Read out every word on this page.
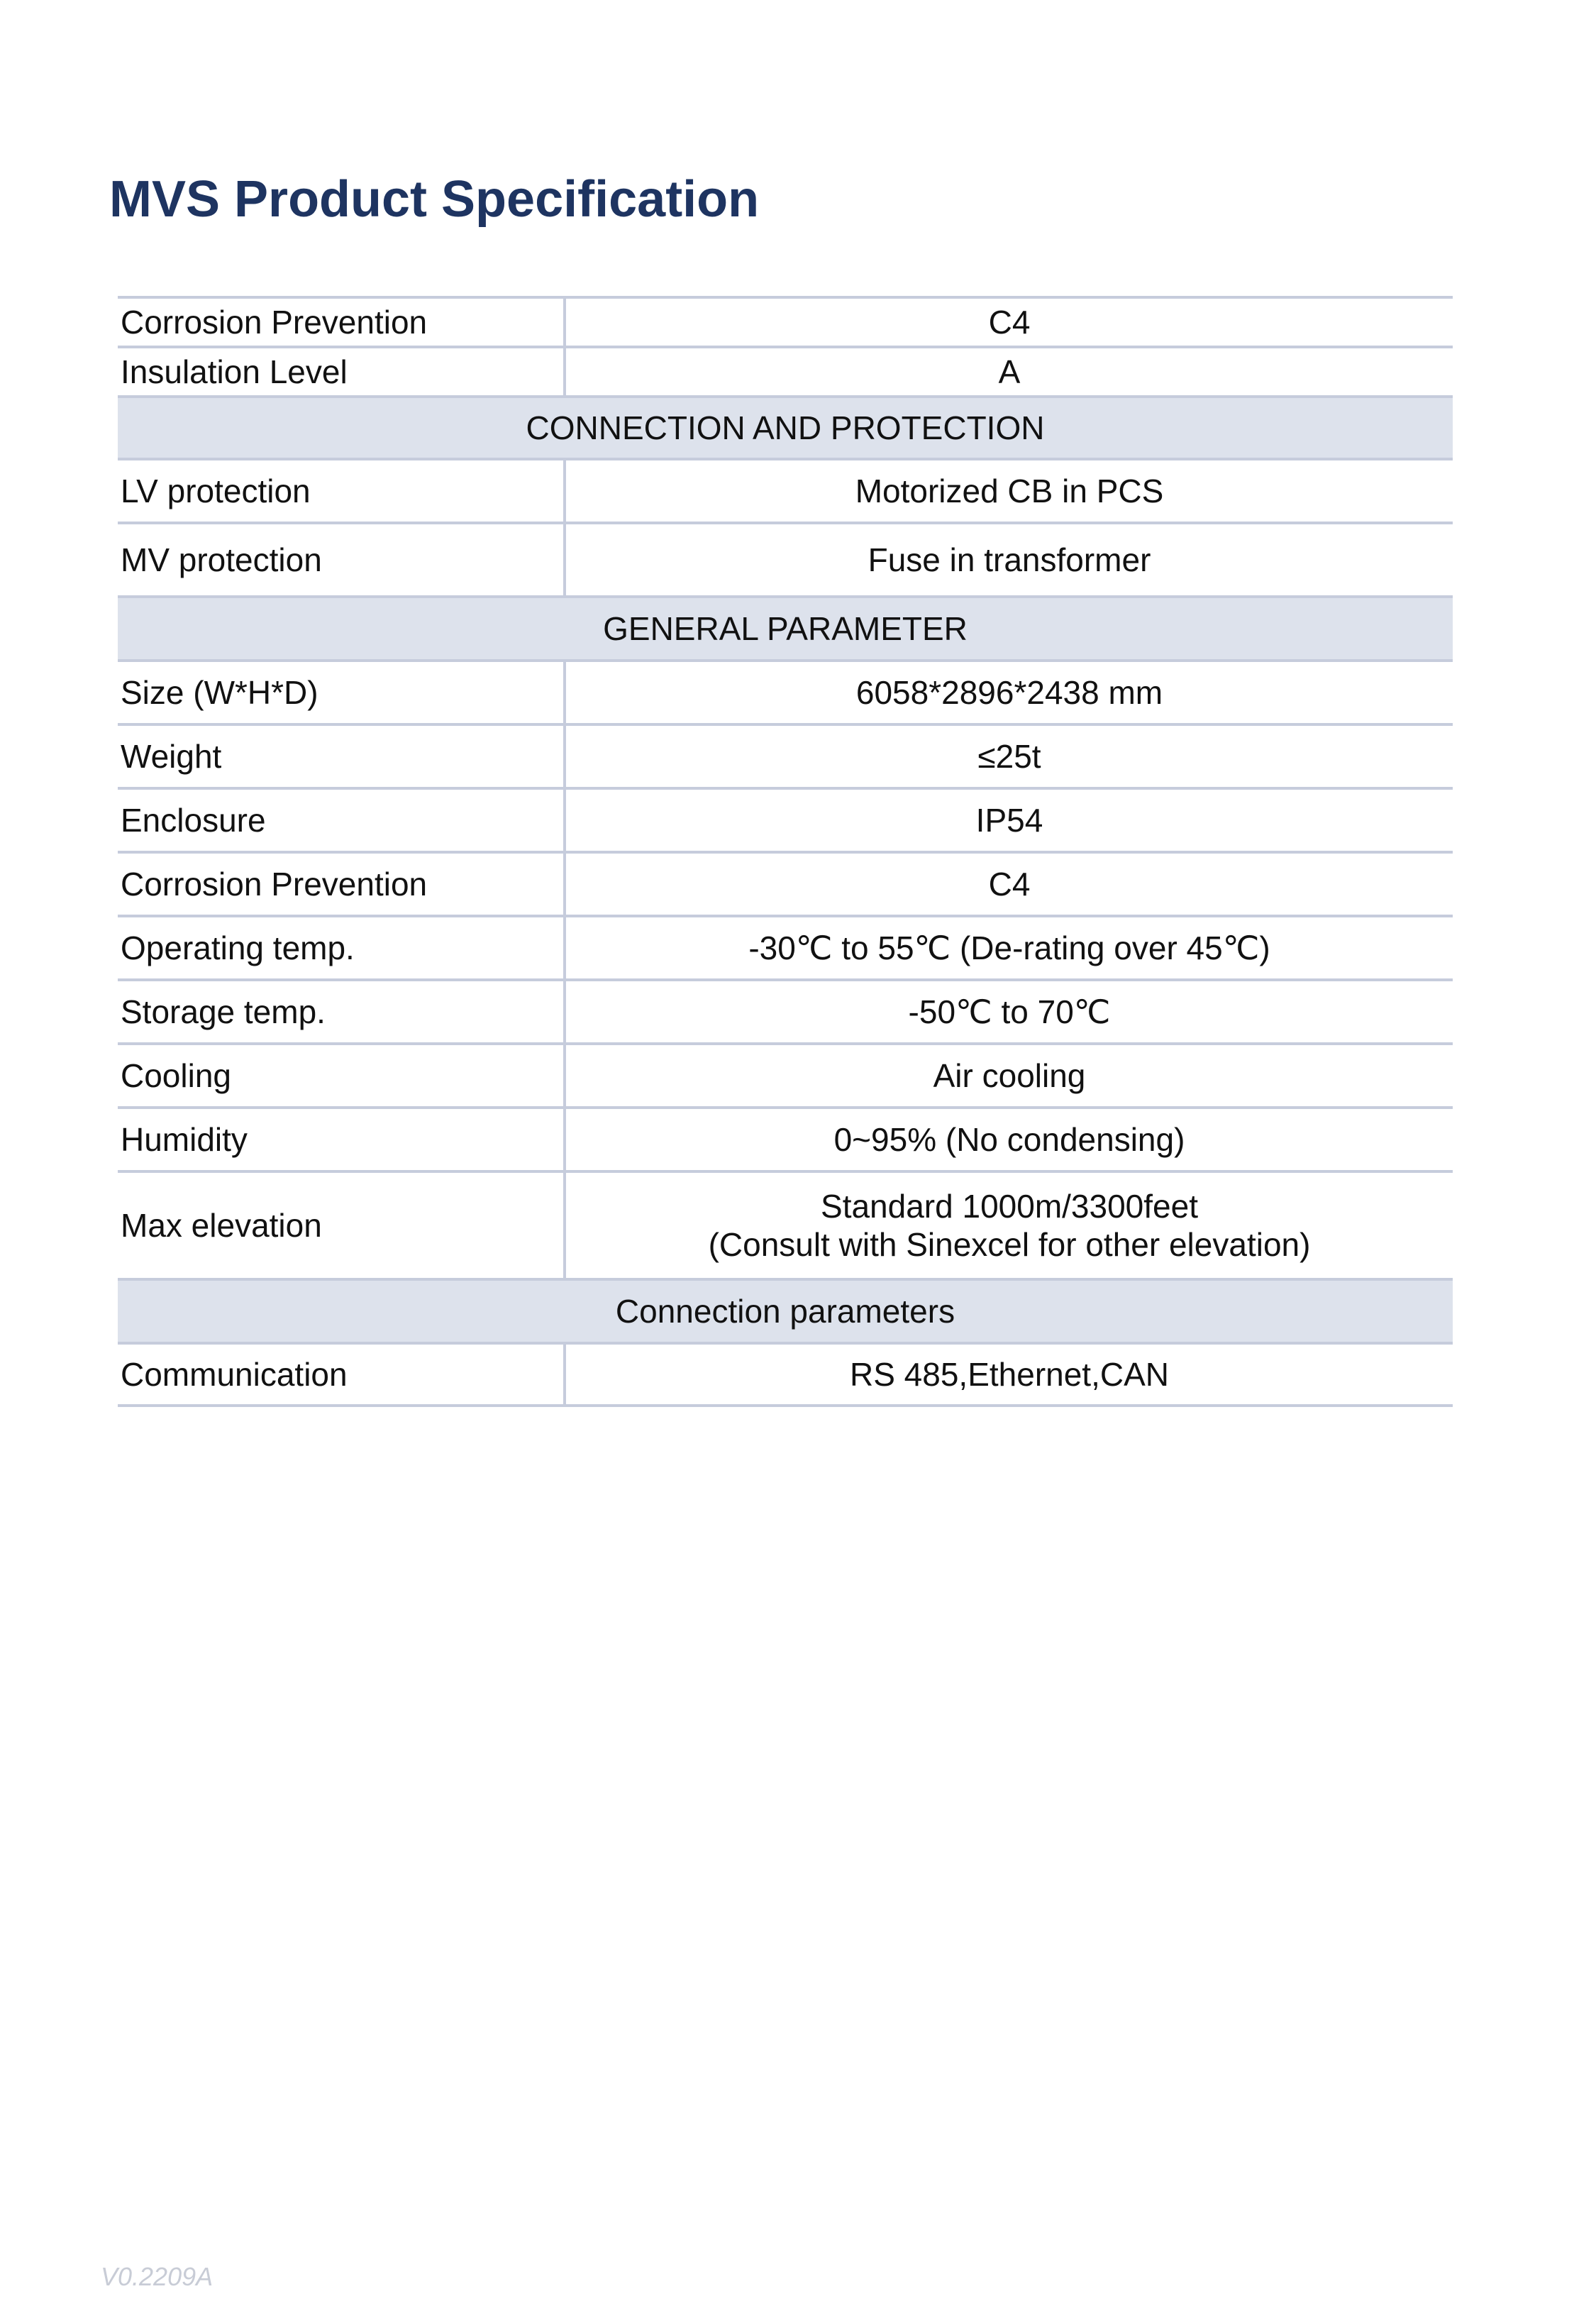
MVS Product Specification
Corrosion Prevention	C4
Insulation Level	A
CONNECTION AND PROTECTION	
LV protection	Motorized CB in PCS
MV protection	Fuse in transformer
GENERAL PARAMETER	
Size (W*H*D)	6058*2896*2438 mm
Weight	≤25t
Enclosure	IP54
Corrosion Prevention	C4
Operating temp.	-30℃ to 55℃ (De-rating over 45℃)
Storage temp.	-50℃ to 70℃
Cooling	Air cooling
Humidity	0~95% (No condensing)
Max elevation	Standard 1000m/3300feet
(Consult with Sinexcel for other elevation)

Connection parameters	
Communication	RS 485,Ethernet,CAN
V0.2209A
